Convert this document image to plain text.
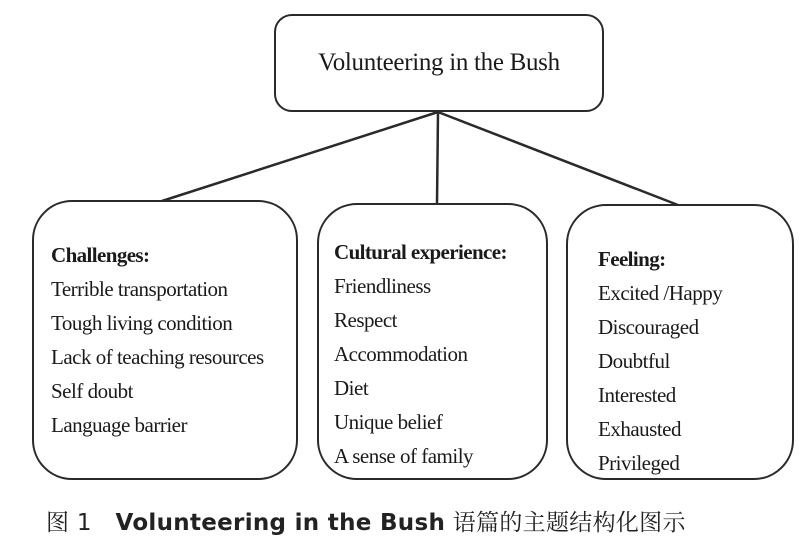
Volunteering in the Bush
Challenges:
Terrible transportation
Tough living condition
Lack of teaching resources
Self doubt
Language barrier
Cultural experience:
Friendliness
Respect
Accommodation
Diet
Unique belief
A sense of family
Feeling:
Excited /Happy
Discouraged
Doubtful
Interested
Exhausted
Privileged
图 1 Volunteering in the Bush 语篇的主题结构化图示
